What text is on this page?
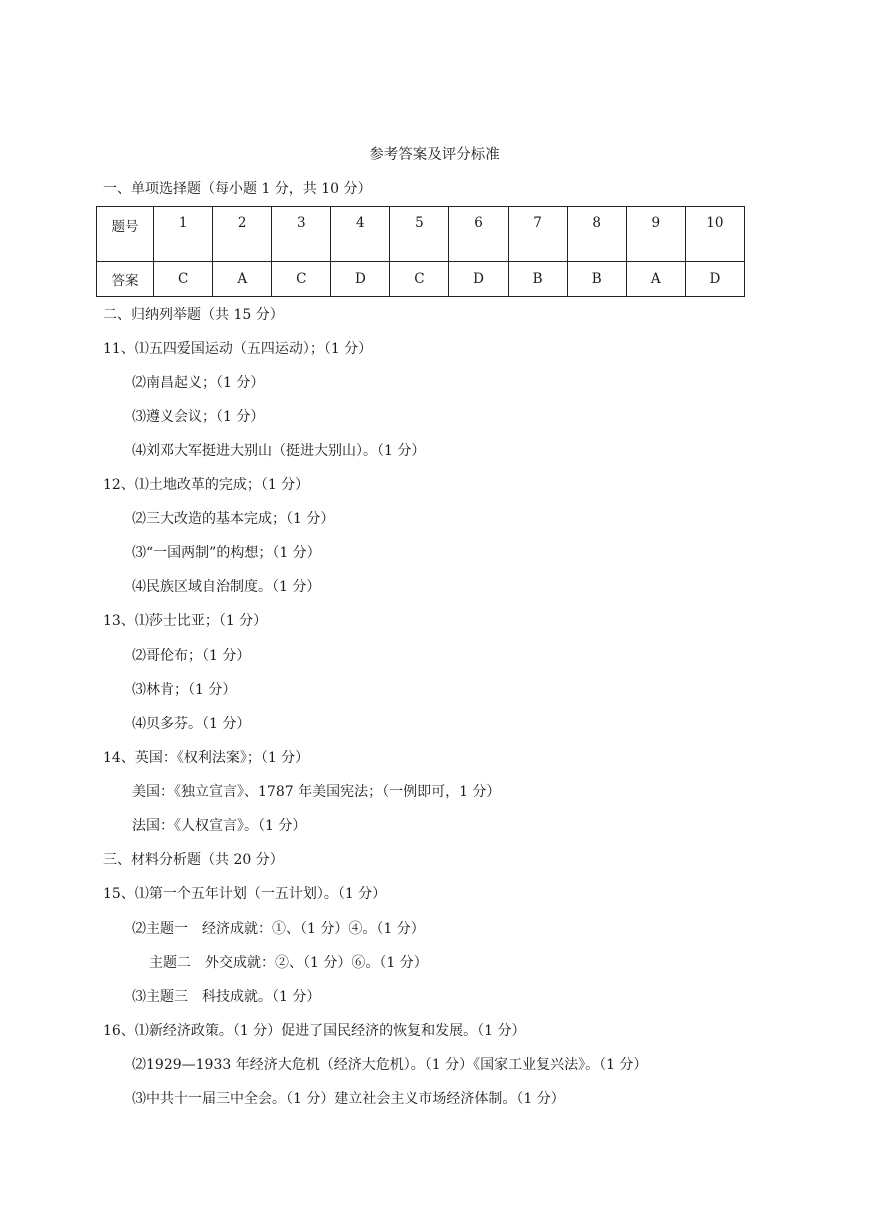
参考答案及评分标准
一、单项选择题（每小题 1 分，共 10 分）
题号	1	2	3	4	5	6	7	8	9	10
答案	C	A	C	D	C	D	B	B	A	D
二、归纳列举题（共 15 分）
11、⑴五四爱国运动（五四运动）；（1 分）
⑵南昌起义；（1 分）
⑶遵义会议；（1 分）
⑷刘邓大军挺进大别山（挺进大别山）。（1 分）
12、⑴土地改革的完成；（1 分）
⑵三大改造的基本完成；（1 分）
⑶“一国两制”的构想；（1 分）
⑷民族区域自治制度。（1 分）
13、⑴莎士比亚；（1 分）
⑵哥伦布；（1 分）
⑶林肯；（1 分）
⑷贝多芬。（1 分）
14、英国：《权利法案》；（1 分）
美国：《独立宣言》、1787 年美国宪法；（一例即可，1 分）
法国：《人权宣言》。（1 分）
三、材料分析题（共 20 分）
15、⑴第一个五年计划（一五计划）。（1 分）
⑵主题一　经济成就：①、（1 分）④。（1 分）
主题二　外交成就：②、（1 分）⑥。（1 分）
⑶主题三　科技成就。（1 分）
16、⑴新经济政策。（1 分）促进了国民经济的恢复和发展。（1 分）
⑵1929—1933 年经济大危机（经济大危机）。（1 分）《国家工业复兴法》。（1 分）
⑶中共十一届三中全会。（1 分）建立社会主义市场经济体制。（1 分）
